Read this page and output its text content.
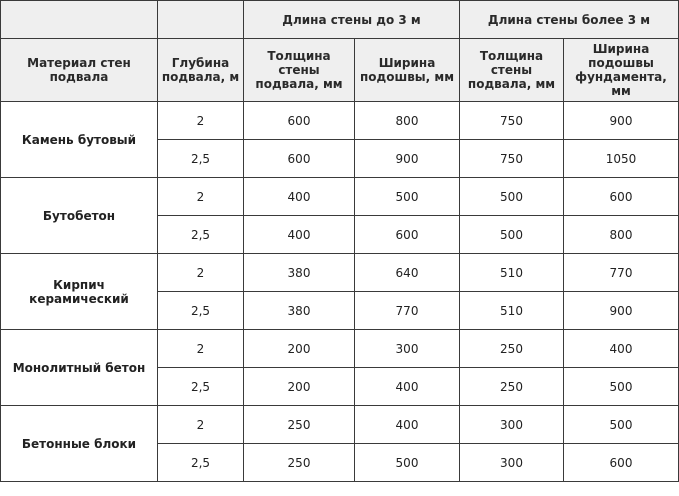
		Длина стены до 3 м		Длина стены более 3 м	
Материал стен подвала	Глубина подвала, м	Толщина стены подвала, мм	Ширина подошвы, мм	Толщина стены подвала, мм	Ширина подошвы фундамента, мм
Камень бутовый	2	600	800	750	900
	2,5	600	900	750	1050
Бутобетон	2	400	500	500	600
	2,5	400	600	500	800
Кирпич керамический	2	380	640	510	770
	2,5	380	770	510	900
Монолитный бетон	2	200	300	250	400
	2,5	200	400	250	500
Бетонные блоки	2	250	400	300	500
	2,5	250	500	300	600
